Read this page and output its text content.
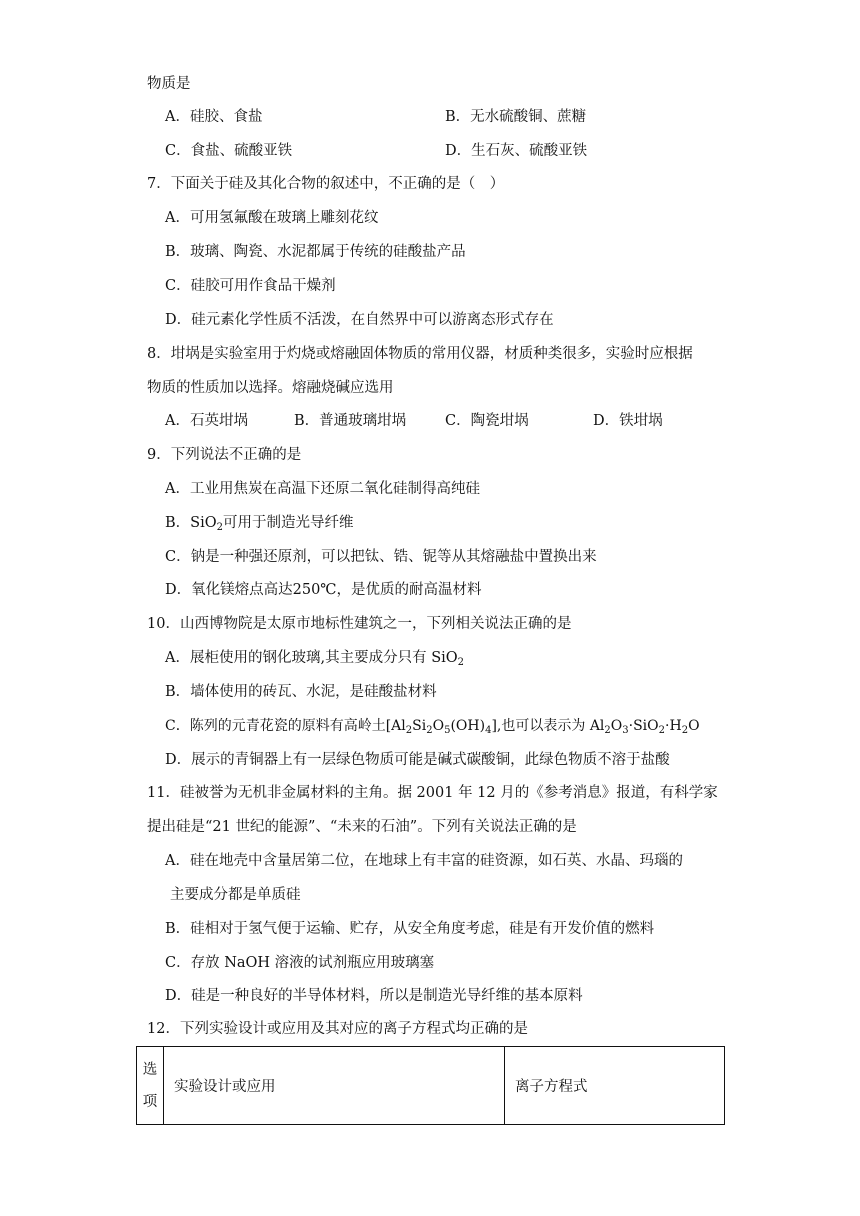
物质是
A．硅胶、食盐	B．无水硫酸铜、蔗糖
C．食盐、硫酸亚铁	D．生石灰、硫酸亚铁
7．下面关于硅及其化合物的叙述中，不正确的是（　）
A．可用氢氟酸在玻璃上雕刻花纹
B．玻璃、陶瓷、水泥都属于传统的硅酸盐产品
C．硅胶可用作食品干燥剂
D．硅元素化学性质不活泼，在自然界中可以游离态形式存在
8．坩埚是实验室用于灼烧或熔融固体物质的常用仪器，材质种类很多，实验时应根据
物质的性质加以选择。熔融烧碱应选用
A．石英坩埚	B．普通玻璃坩埚	C．陶瓷坩埚	D．铁坩埚
9．下列说法不正确的是
A．工业用焦炭在高温下还原二氧化硅制得高纯硅
B．SiO$_2$可用于制造光导纤维
C．钠是一种强还原剂，可以把钛、锆、铌等从其熔融盐中置换出来
D．氧化镁熔点高达250℃，是优质的耐高温材料
10．山西博物院是太原市地标性建筑之一，下列相关说法正确的是
A．展柜使用的钢化玻璃,其主要成分只有 SiO$_2$
B．墙体使用的砖瓦、水泥，是硅酸盐材料
C．陈列的元青花瓷的原料有高岭土$[Al_2Si_2O_5(OH)_4]$,也可以表示为 $Al_2O_3\cdot SiO_2\cdot H_2O$
D．展示的青铜器上有一层绿色物质可能是碱式碳酸铜，此绿色物质不溶于盐酸
11．硅被誉为无机非金属材料的主角。据 2001 年 12 月的《参考消息》报道，有科学家
提出硅是“21 世纪的能源”、“未来的石油”。下列有关说法正确的是
A．硅在地壳中含量居第二位，在地球上有丰富的硅资源，如石英、水晶、玛瑙的
主要成分都是单质硅
B．硅相对于氢气便于运输、贮存，从安全角度考虑，硅是有开发价值的燃料
C．存放 NaOH 溶液的试剂瓶应用玻璃塞
D．硅是一种良好的半导体材料，所以是制造光导纤维的基本原料
12．下列实验设计或应用及其对应的离子方程式均正确的是
选项	实验设计或应用	离子方程式
